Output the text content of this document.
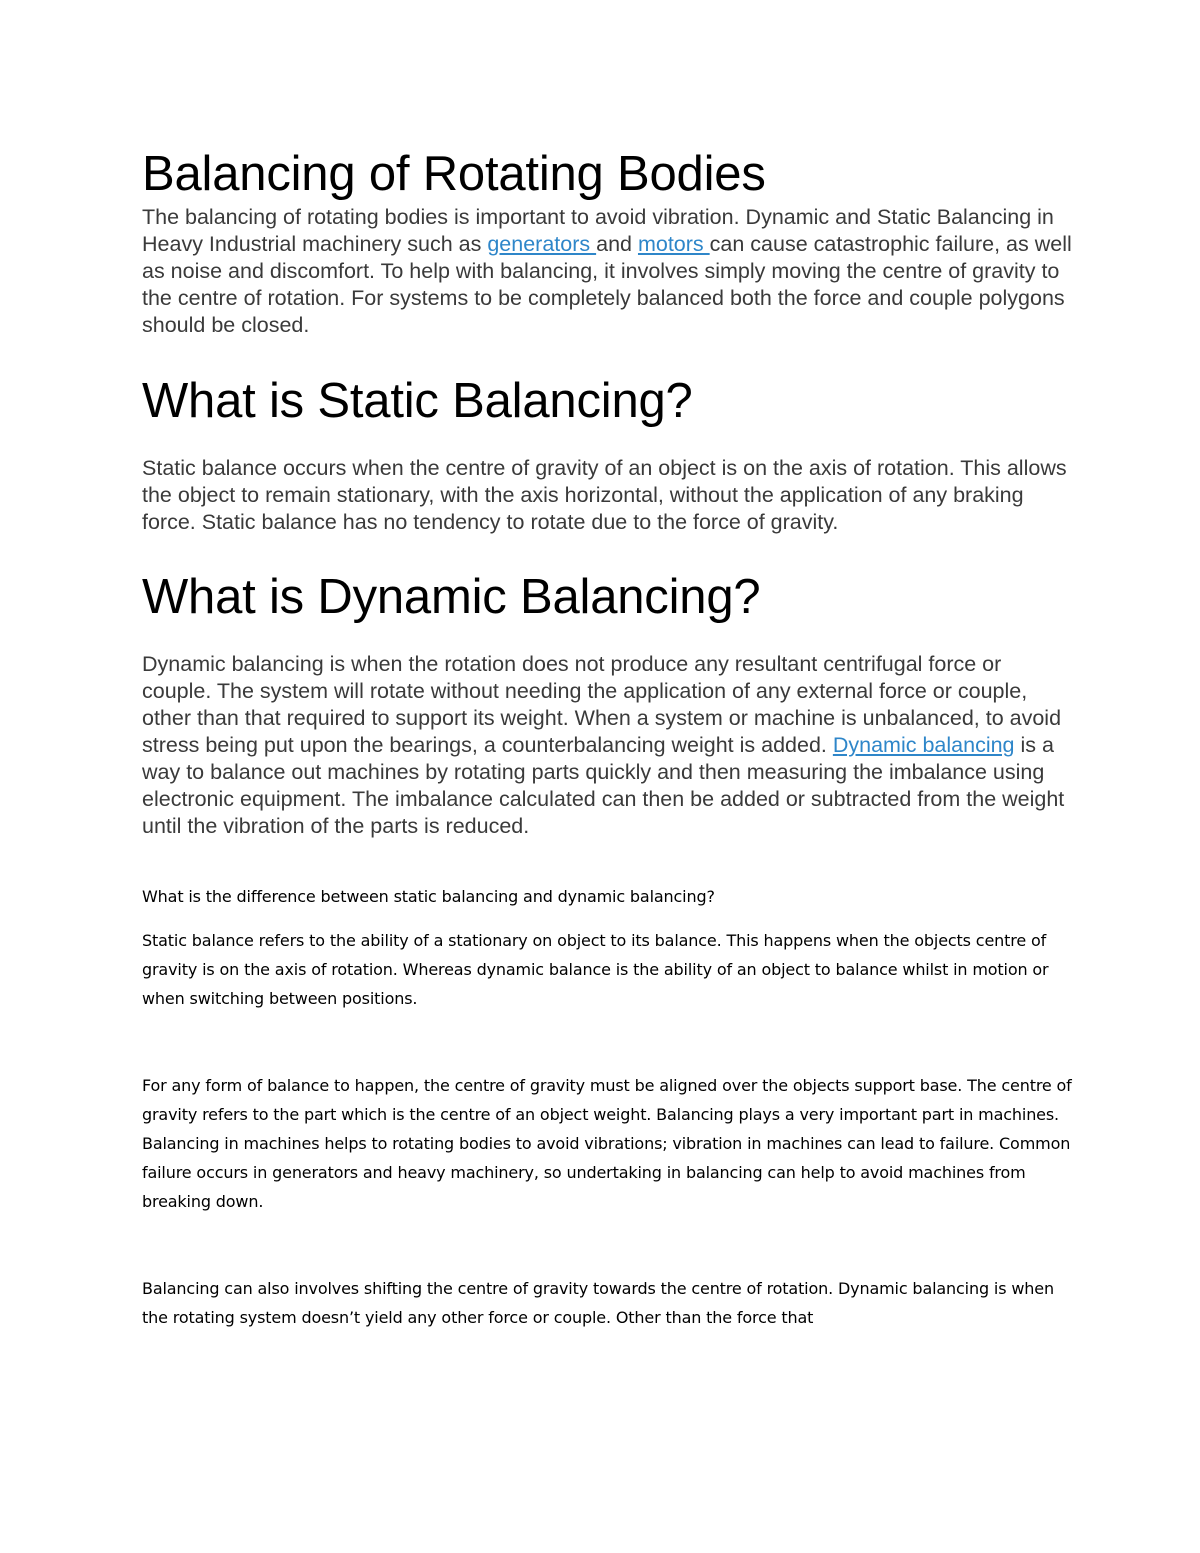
Balancing of Rotating Bodies

The balancing of rotating bodies is important to avoid vibration. Dynamic and Static Balancing in Heavy Industrial machinery such as generators and motors can cause catastrophic failure, as well as noise and discomfort. To help with balancing, it involves simply moving the centre of gravity to the centre of rotation. For systems to be completely balanced both the force and couple polygons should be closed.

What is Static Balancing?

Static balance occurs when the centre of gravity of an object is on the axis of rotation. This allows the object to remain stationary, with the axis horizontal, without the application of any braking force. Static balance has no tendency to rotate due to the force of gravity.

What is Dynamic Balancing?

Dynamic balancing is when the rotation does not produce any resultant centrifugal force or couple. The system will rotate without needing the application of any external force or couple, other than that required to support its weight. When a system or machine is unbalanced, to avoid stress being put upon the bearings, a counterbalancing weight is added. Dynamic balancing is a way to balance out machines by rotating parts quickly and then measuring the imbalance using electronic equipment. The imbalance calculated can then be added or subtracted from the weight until the vibration of the parts is reduced.

What is the difference between static balancing and dynamic balancing?

Static balance refers to the ability of a stationary on object to its balance. This happens when the objects centre of gravity is on the axis of rotation. Whereas dynamic balance is the ability of an object to balance whilst in motion or when switching between positions.

For any form of balance to happen, the centre of gravity must be aligned over the objects support base. The centre of gravity refers to the part which is the centre of an object weight. Balancing plays a very important part in machines. Balancing in machines helps to rotating bodies to avoid vibrations; vibration in machines can lead to failure. Common failure occurs in generators and heavy machinery, so undertaking in balancing can help to avoid machines from breaking down.

Balancing can also involves shifting the centre of gravity towards the centre of rotation. Dynamic balancing is when the rotating system doesn’t yield any other force or couple. Other than the force that
